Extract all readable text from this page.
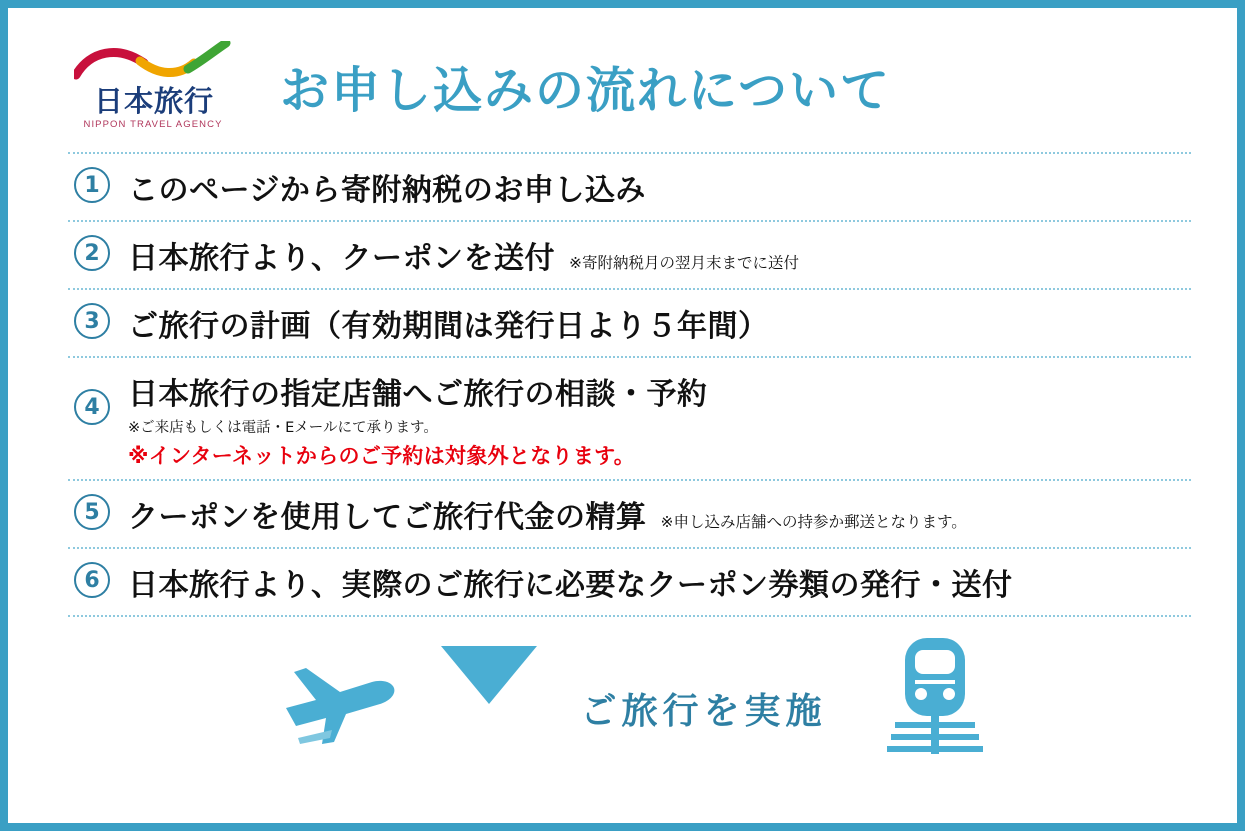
日本旅行
NIPPON TRAVEL AGENCY
お申し込みの流れについて
1 このページから寄附納税のお申し込み
2 日本旅行より、クーポンを送付 ※寄附納税月の翌月末までに送付
3 ご旅行の計画（有効期間は発行日より５年間）
4 日本旅行の指定店舗へご旅行の相談・予約
※ご来店もしくは電話・Eメールにて承ります。
※インターネットからのご予約は対象外となります。
5 クーポンを使用してご旅行代金の精算 ※申し込み店舗への持参か郵送となります。
6 日本旅行より、実際のご旅行に必要なクーポン券類の発行・送付
ご旅行を実施
